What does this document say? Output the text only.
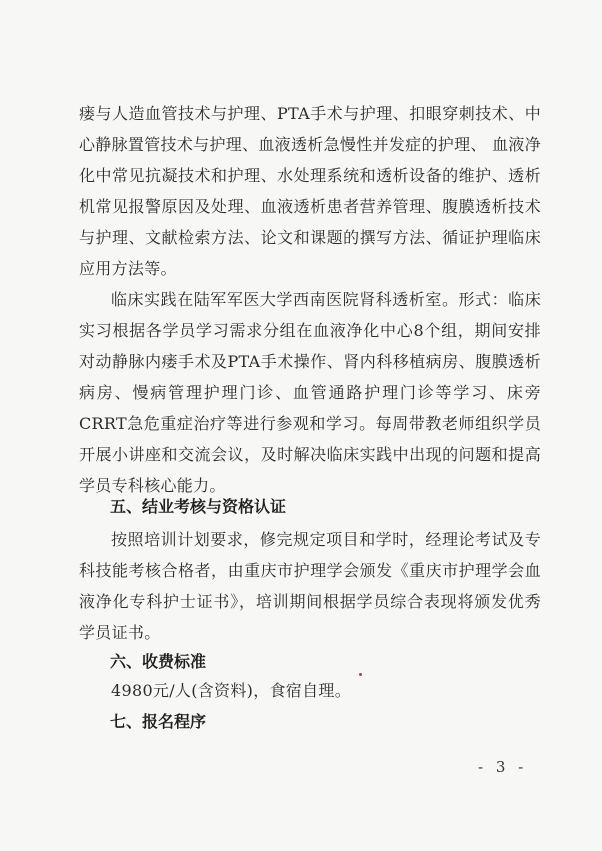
瘘与人造血管技术与护理、PTA手术与护理、扣眼穿刺技术、中心静脉置管技术与护理、血液透析急慢性并发症的护理、 血液净化中常见抗凝技术和护理、水处理系统和透析设备的维护、透析机常见报警原因及处理、血液透析患者营养管理、腹膜透析技术与护理、文献检索方法、论文和课题的撰写方法、循证护理临床应用方法等。
临床实践在陆军军医大学西南医院肾科透析室。形式：临床实习根据各学员学习需求分组在血液净化中心8个组，期间安排对动静脉内瘘手术及PTA手术操作、肾内科移植病房、腹膜透析病房、慢病管理护理门诊、血管通路护理门诊等学习、床旁CRRT急危重症治疗等进行参观和学习。每周带教老师组织学员开展小讲座和交流会议，及时解决临床实践中出现的问题和提高学员专科核心能力。
五、结业考核与资格认证
按照培训计划要求，修完规定项目和学时，经理论考试及专科技能考核合格者，由重庆市护理学会颁发《重庆市护理学会血液净化专科护士证书》，培训期间根据学员综合表现将颁发优秀学员证书。
六、收费标准
4980元/人(含资料)，食宿自理。
七、报名程序
- 3 -
